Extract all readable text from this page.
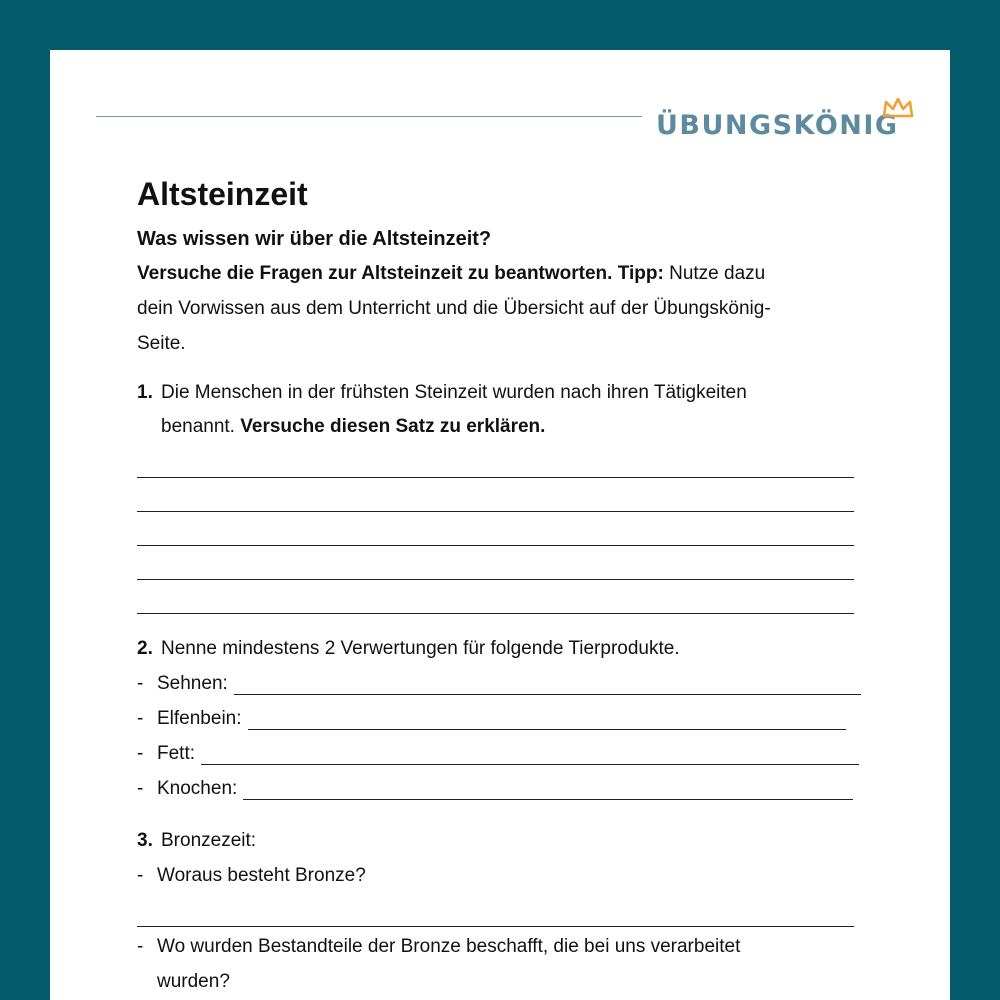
ÜBUNGSKÖNIG
Altsteinzeit
Was wissen wir über die Altsteinzeit?
Versuche die Fragen zur Altsteinzeit zu beantworten. Tipp: Nutze dazu
dein Vorwissen aus dem Unterricht und die Übersicht auf der Übungskönig-
Seite.
1. Die Menschen in der frühsten Steinzeit wurden nach ihren Tätigkeiten
benannt. Versuche diesen Satz zu erklären.
2. Nenne mindestens 2 Verwertungen für folgende Tierprodukte.
- Sehnen:
- Elfenbein:
- Fett:
- Knochen:
3. Bronzezeit:
- Woraus besteht Bronze?
- Wo wurden Bestandteile der Bronze beschafft, die bei uns verarbeitet
wurden?
